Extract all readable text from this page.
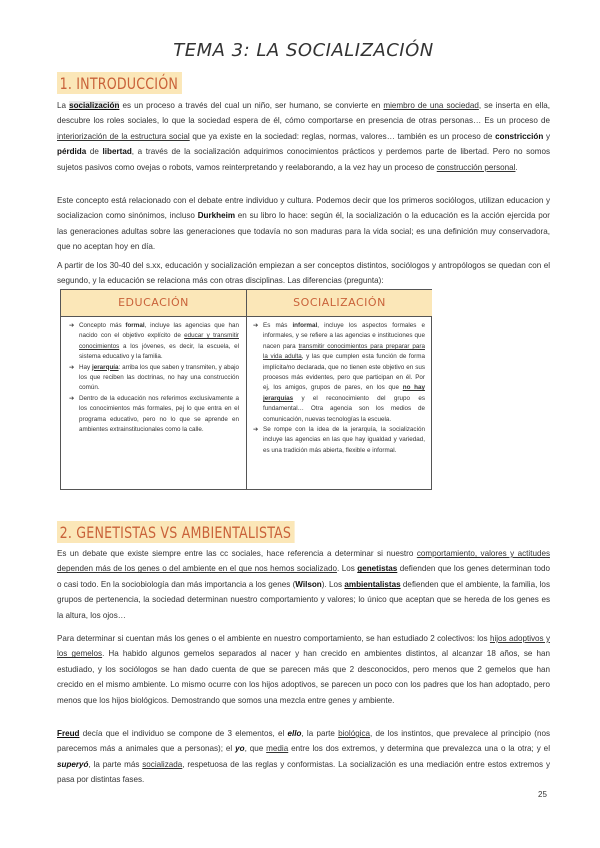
TEMA 3: LA SOCIALIZACIÓN
1. INTRODUCCIÓN
La socialización es un proceso a través del cual un niño, ser humano, se convierte en miembro de una sociedad, se inserta en ella, descubre los roles sociales, lo que la sociedad espera de él, cómo comportarse en presencia de otras personas… Es un proceso de interiorización de la estructura social que ya existe en la sociedad: reglas, normas, valores… también es un proceso de constricción y pérdida de libertad, a través de la socialización adquirimos conocimientos prácticos y perdemos parte de libertad. Pero no somos sujetos pasivos como ovejas o robots, vamos reinterpretando y reelaborando, a la vez hay un proceso de construcción personal.
Este concepto está relacionado con el debate entre individuo y cultura. Podemos decir que los primeros sociólogos, utilizan educacion y socializacion como sinónimos, incluso Durkheim en su libro lo hace: según él, la socialización o la educación es la acción ejercida por las generaciones adultas sobre las generaciones que todavía no son maduras para la vida social; es una definición muy conservadora, que no aceptan hoy en día.
A partir de los 30-40 del s.xx, educación y socialización empiezan a ser conceptos distintos, sociólogos y antropólogos se quedan con el segundo, y la educación se relaciona más con otras disciplinas. Las diferencias (pregunta):
EDUCACIÓN	SOCIALIZACIÓN
➔ Concepto más formal, incluye las agencias que han nacido con el objetivo explícito de educar y transmitir conocimientos a los jóvenes, es decir, la escuela, el sistema educativo y la familia.
➔ Hay jerarquía: arriba los que saben y transmiten, y abajo los que reciben las doctrinas, no hay una construcción común.
➔ Dentro de la educación nos referimos exclusivamente a los conocimientos más formales, pej lo que entra en el programa educativo, pero no lo que se aprende en ambientes extrainstitucionales como la calle.
➔ Es más informal, incluye los aspectos formales e informales, y se refiere a las agencias e instituciones que nacen para transmitir conocimientos para preparar para la vida adulta, y las que cumplen esta función de forma implícita/no declarada, que no tienen este objetivo en sus procesos más evidentes, pero que participan en él. Por ej, los amigos, grupos de pares, en los que no hay jerarquías y el reconocimiento del grupo es fundamental… Otra agencia son los medios de comunicación, nuevas tecnologías la escuela.
➔ Se rompe con la idea de la jerarquía, la socialización incluye las agencias en las que hay igualdad y variedad, es una tradición más abierta, flexible e informal.
2. GENETISTAS VS AMBIENTALISTAS
Es un debate que existe siempre entre las cc sociales, hace referencia a determinar si nuestro comportamiento, valores y actitudes dependen más de los genes o del ambiente en el que nos hemos socializado. Los genetistas defienden que los genes determinan todo o casi todo. En la sociobiología dan más importancia a los genes (Wilson). Los ambientalistas defienden que el ambiente, la familia, los grupos de pertenencia, la sociedad determinan nuestro comportamiento y valores; lo único que aceptan que se hereda de los genes es la altura, los ojos…
Para determinar si cuentan más los genes o el ambiente en nuestro comportamiento, se han estudiado 2 colectivos: los hijos adoptivos y los gemelos. Ha habido algunos gemelos separados al nacer y han crecido en ambientes distintos, al alcanzar 18 años, se han estudiado, y los sociólogos se han dado cuenta de que se parecen más que 2 desconocidos, pero menos que 2 gemelos que han crecido en el mismo ambiente. Lo mismo ocurre con los hijos adoptivos, se parecen un poco con los padres que los han adoptado, pero menos que los hijos biológicos. Demostrando que somos una mezcla entre genes y ambiente.
Freud decía que el individuo se compone de 3 elementos, el ello, la parte biológica, de los instintos, que prevalece al principio (nos parecemos más a animales que a personas); el yo, que media entre los dos extremos, y determina que prevalezca una o la otra; y el superyó, la parte más socializada, respetuosa de las reglas y conformistas. La socialización es una mediación entre estos extremos y pasa por distintas fases.
25
